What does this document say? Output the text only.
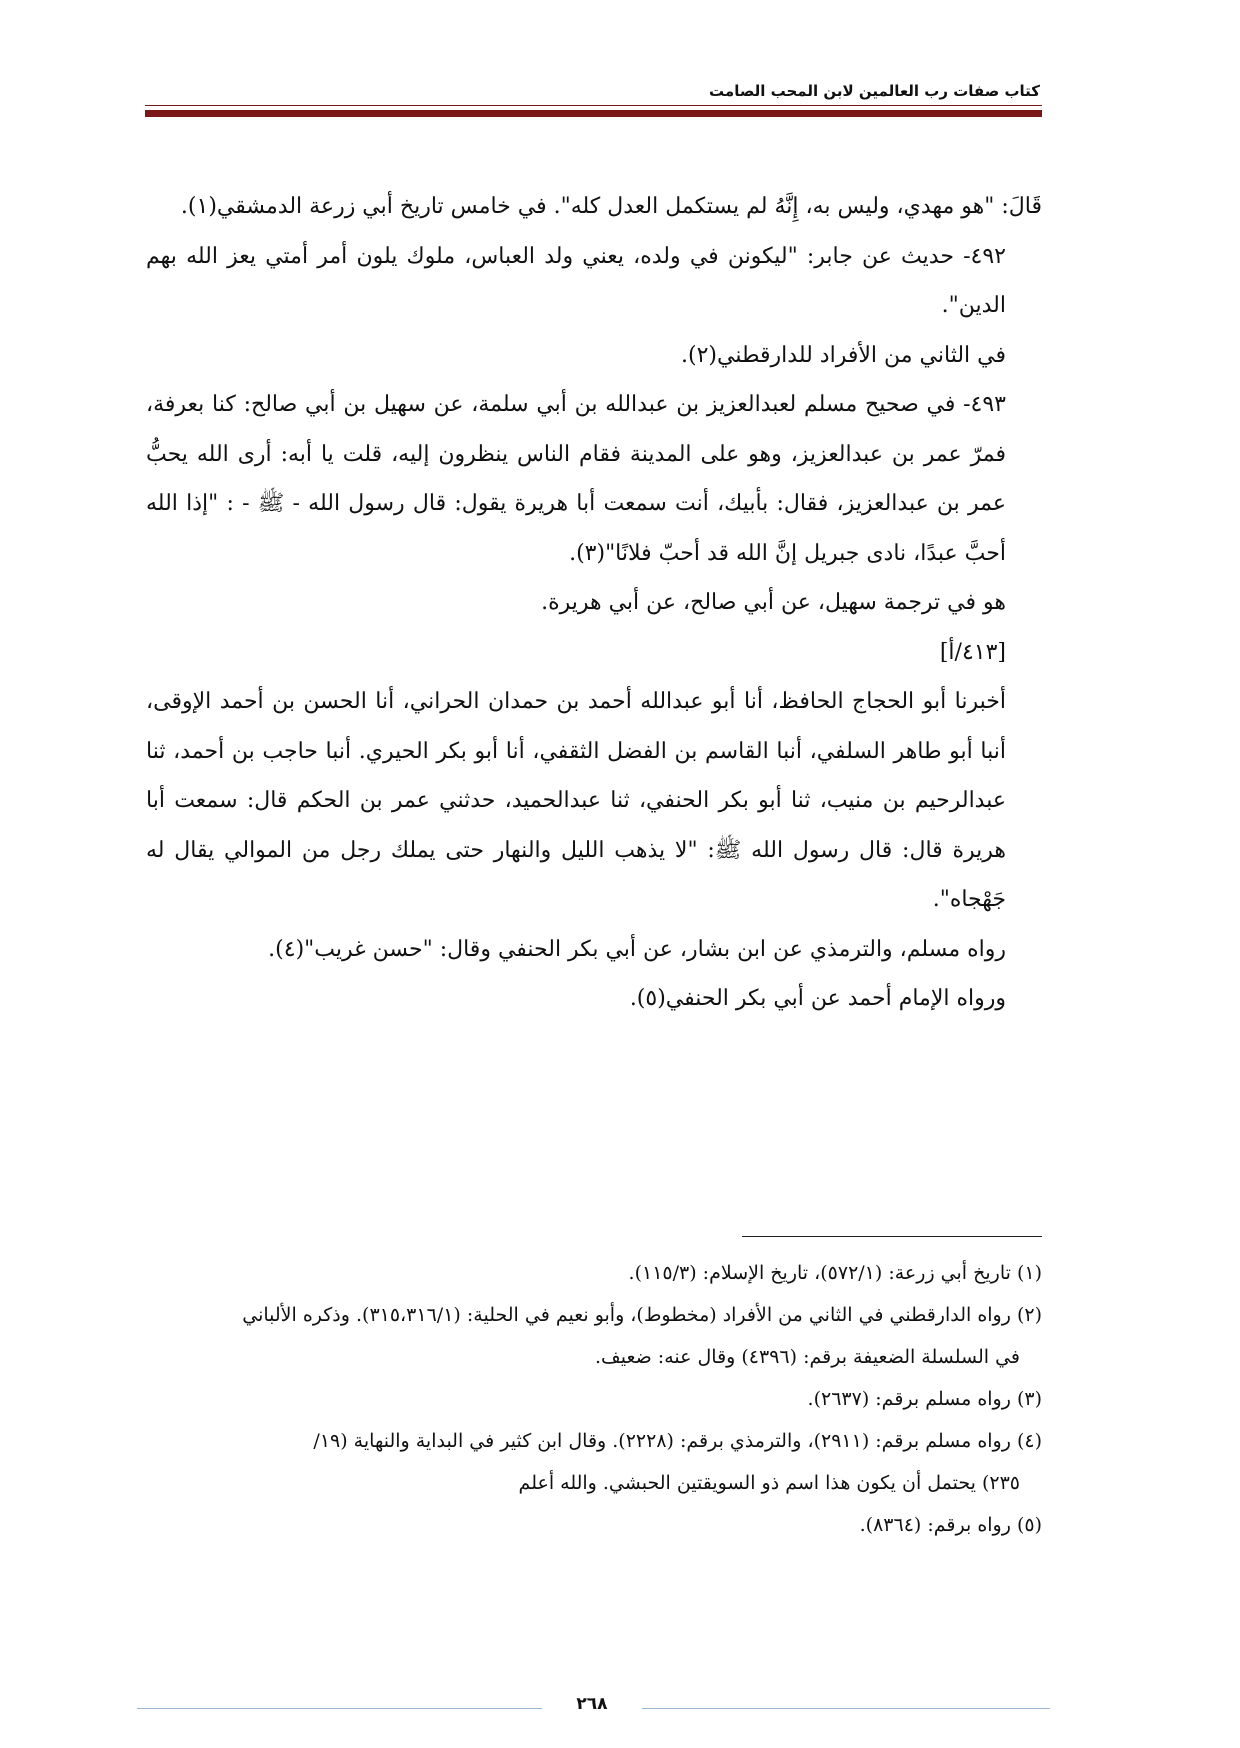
كتاب صفات رب العالمين لابن المحب الصامت

قَالَ: "هو مهدي، وليس به، إِنَّهُ لم يستكمل العدل كله". في خامس تاريخ أبي زرعة الدمشقي(١).

٤٩٢- حديث عن جابر: "ليكونن في ولده، يعني ولد العباس، ملوك يلون أمر أمتي يعز الله بهم الدين".

في الثاني من الأفراد للدارقطني(٢).

٤٩٣- في صحيح مسلم لعبدالعزيز بن عبدالله بن أبي سلمة، عن سهيل بن أبي صالح: كنا بعرفة، فمرّ عمر بن عبدالعزيز، وهو على المدينة فقام الناس ينظرون إليه، قلت يا أبه: أرى الله يحبُّ عمر بن عبدالعزيز، فقال: بأبيك، أنت سمعت أبا هريرة يقول: قال رسول الله - ﷺ - : "إذا الله أحبَّ عبدًا، نادى جبريل إنَّ الله قد أحبّ فلانًا"(٣).

هو في ترجمة سهيل، عن أبي صالح، عن أبي هريرة.

[٤١٣/أ]

أخبرنا أبو الحجاج الحافظ، أنا أبو عبدالله أحمد بن حمدان الحراني، أنا الحسن بن أحمد الإوقى، أنبا أبو طاهر السلفي، أنبا القاسم بن الفضل الثقفي، أنا أبو بكر الحيري. أنبا حاجب بن أحمد، ثنا عبدالرحيم بن منيب، ثنا أبو بكر الحنفي، ثنا عبدالحميد، حدثني عمر بن الحكم قال: سمعت أبا هريرة قال: قال رسول الله ﷺ: "لا يذهب الليل والنهار حتى يملك رجل من الموالي يقال له جَهْجاه".

رواه مسلم، والترمذي عن ابن بشار، عن أبي بكر الحنفي وقال: "حسن غريب"(٤).

ورواه الإمام أحمد عن أبي بكر الحنفي(٥).

(١) تاريخ أبي زرعة: (٥٧٢/١)، تاريخ الإسلام: (١١٥/٣).

(٢) رواه الدارقطني في الثاني من الأفراد (مخطوط)، وأبو نعيم في الحلية: (٣١٥،٣١٦/١). وذكره الألباني

في السلسلة الضعيفة برقم: (٤٣٩٦) وقال عنه: ضعيف.

(٣) رواه مسلم برقم: (٢٦٣٧).

(٤) رواه مسلم برقم: (٢٩١١)، والترمذي برقم: (٢٢٢٨). وقال ابن كثير في البداية والنهاية (١٩/

٢٣٥) يحتمل أن يكون هذا اسم ذو السويقتين الحبشي. والله أعلم

(٥) رواه برقم: (٨٣٦٤).

٢٦٨
